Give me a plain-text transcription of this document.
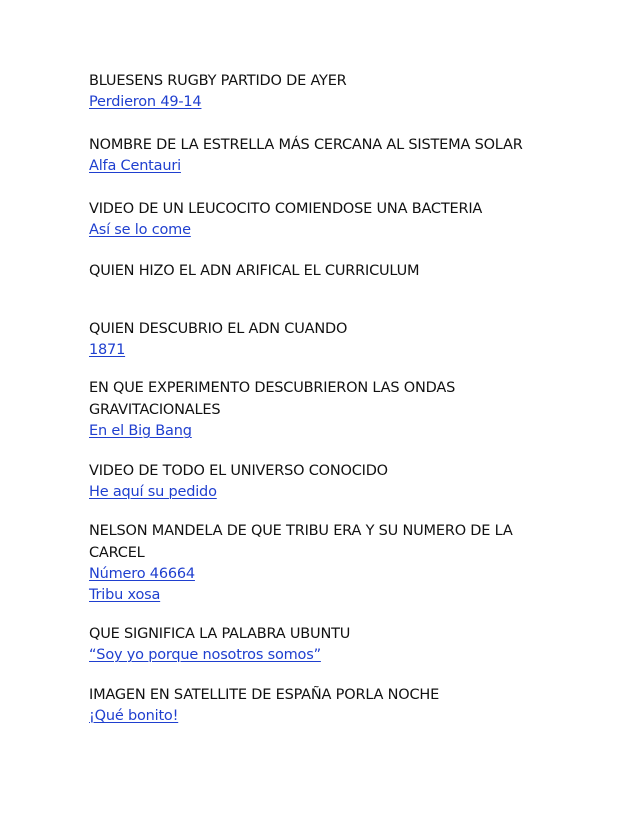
BLUESENS RUGBY PARTIDO DE AYER
Perdieron 49-14
NOMBRE DE LA ESTRELLA MÁS CERCANA AL SISTEMA SOLAR
Alfa Centauri
VIDEO DE UN LEUCOCITO COMIENDOSE UNA BACTERIA
Así se lo come
QUIEN HIZO EL ADN ARIFICAL EL CURRICULUM
QUIEN DESCUBRIO EL ADN CUANDO
1871
EN QUE EXPERIMENTO DESCUBRIERON LAS ONDAS
GRAVITACIONALES
En el Big Bang
VIDEO DE TODO EL UNIVERSO CONOCIDO
He aquí su pedido
NELSON MANDELA DE QUE TRIBU ERA Y SU NUMERO DE LA
CARCEL
Número 46664
Tribu xosa
QUE SIGNIFICA LA PALABRA UBUNTU
“Soy yo porque nosotros somos”
IMAGEN EN SATELLITE DE ESPAÑA PORLA NOCHE
¡Qué bonito!
